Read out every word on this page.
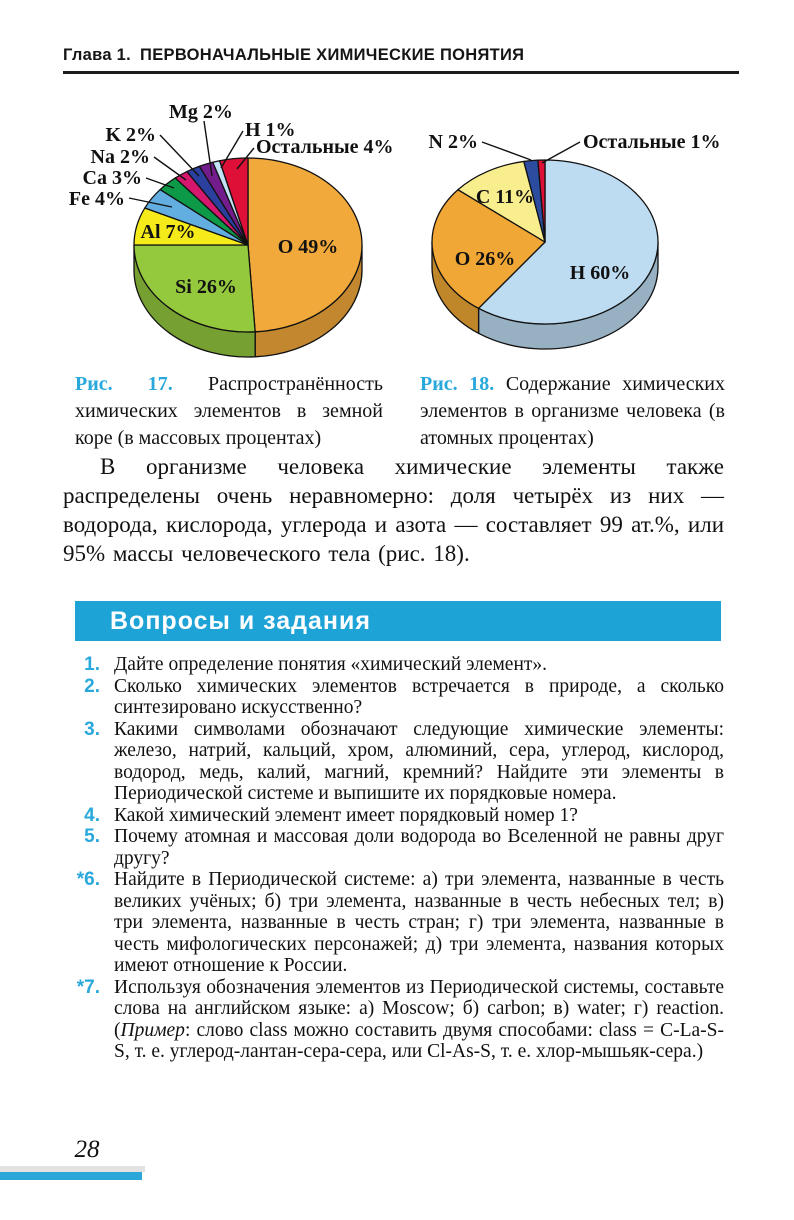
Глава 1. ПЕРВОНАЧАЛЬНЫЕ ХИМИЧЕСКИЕ ПОНЯТИЯ
O 49%
Si 26%
Al 7%
Fe 4%
Ca 3%
Na 2%
K 2%
Mg 2%
H 1%
Остальные 4%
H 60%
O 26%
C 11%
N 2%	Остальные 1%

Рис. 17. Распространённость химических элементов в земной коре (в массовых процентах)

Рис. 18. Содержание химических элементов в организме человека (в атомных процентах)

В организме человека химические элементы также распределены очень неравномерно: доля четырёх из них — водорода, кислорода, углерода и азота — составляет 99 ат.%, или 95% массы человеческого тела (рис. 18).

Вопросы и задания
1. Дайте определение понятия «химический элемент».

2. Сколько химических элементов встречается в природе, а сколько синтезировано искусственно?

3. Какими символами обозначают следующие химические элементы: железо, натрий, кальций, хром, алюминий, сера, углерод, кислород, водород, медь, калий, магний, кремний? Найдите эти элементы в Периодической системе и выпишите их порядковые номера.

4. Какой химический элемент имеет порядковый номер 1?

5. Почему атомная и массовая доли водорода во Вселенной не равны друг другу?

*6. Найдите в Периодической системе: а) три элемента, названные в честь великих учёных; б) три элемента, названные в честь небесных тел; в) три элемента, названные в честь стран; г) три элемента, названные в честь мифологических персонажей; д) три элемента, названия которых имеют отношение к России.

*7. Используя обозначения элементов из Периодической системы, составьте слова на английском языке: а) Moscow; б) carbon; в) water; г) reaction. (Пример: слово class можно составить двумя способами: class = C-La-S-S, т. е. углерод-лантан-сера-сера, или Cl-As-S, т. е. хлор-мышьяк-сера.)

28
